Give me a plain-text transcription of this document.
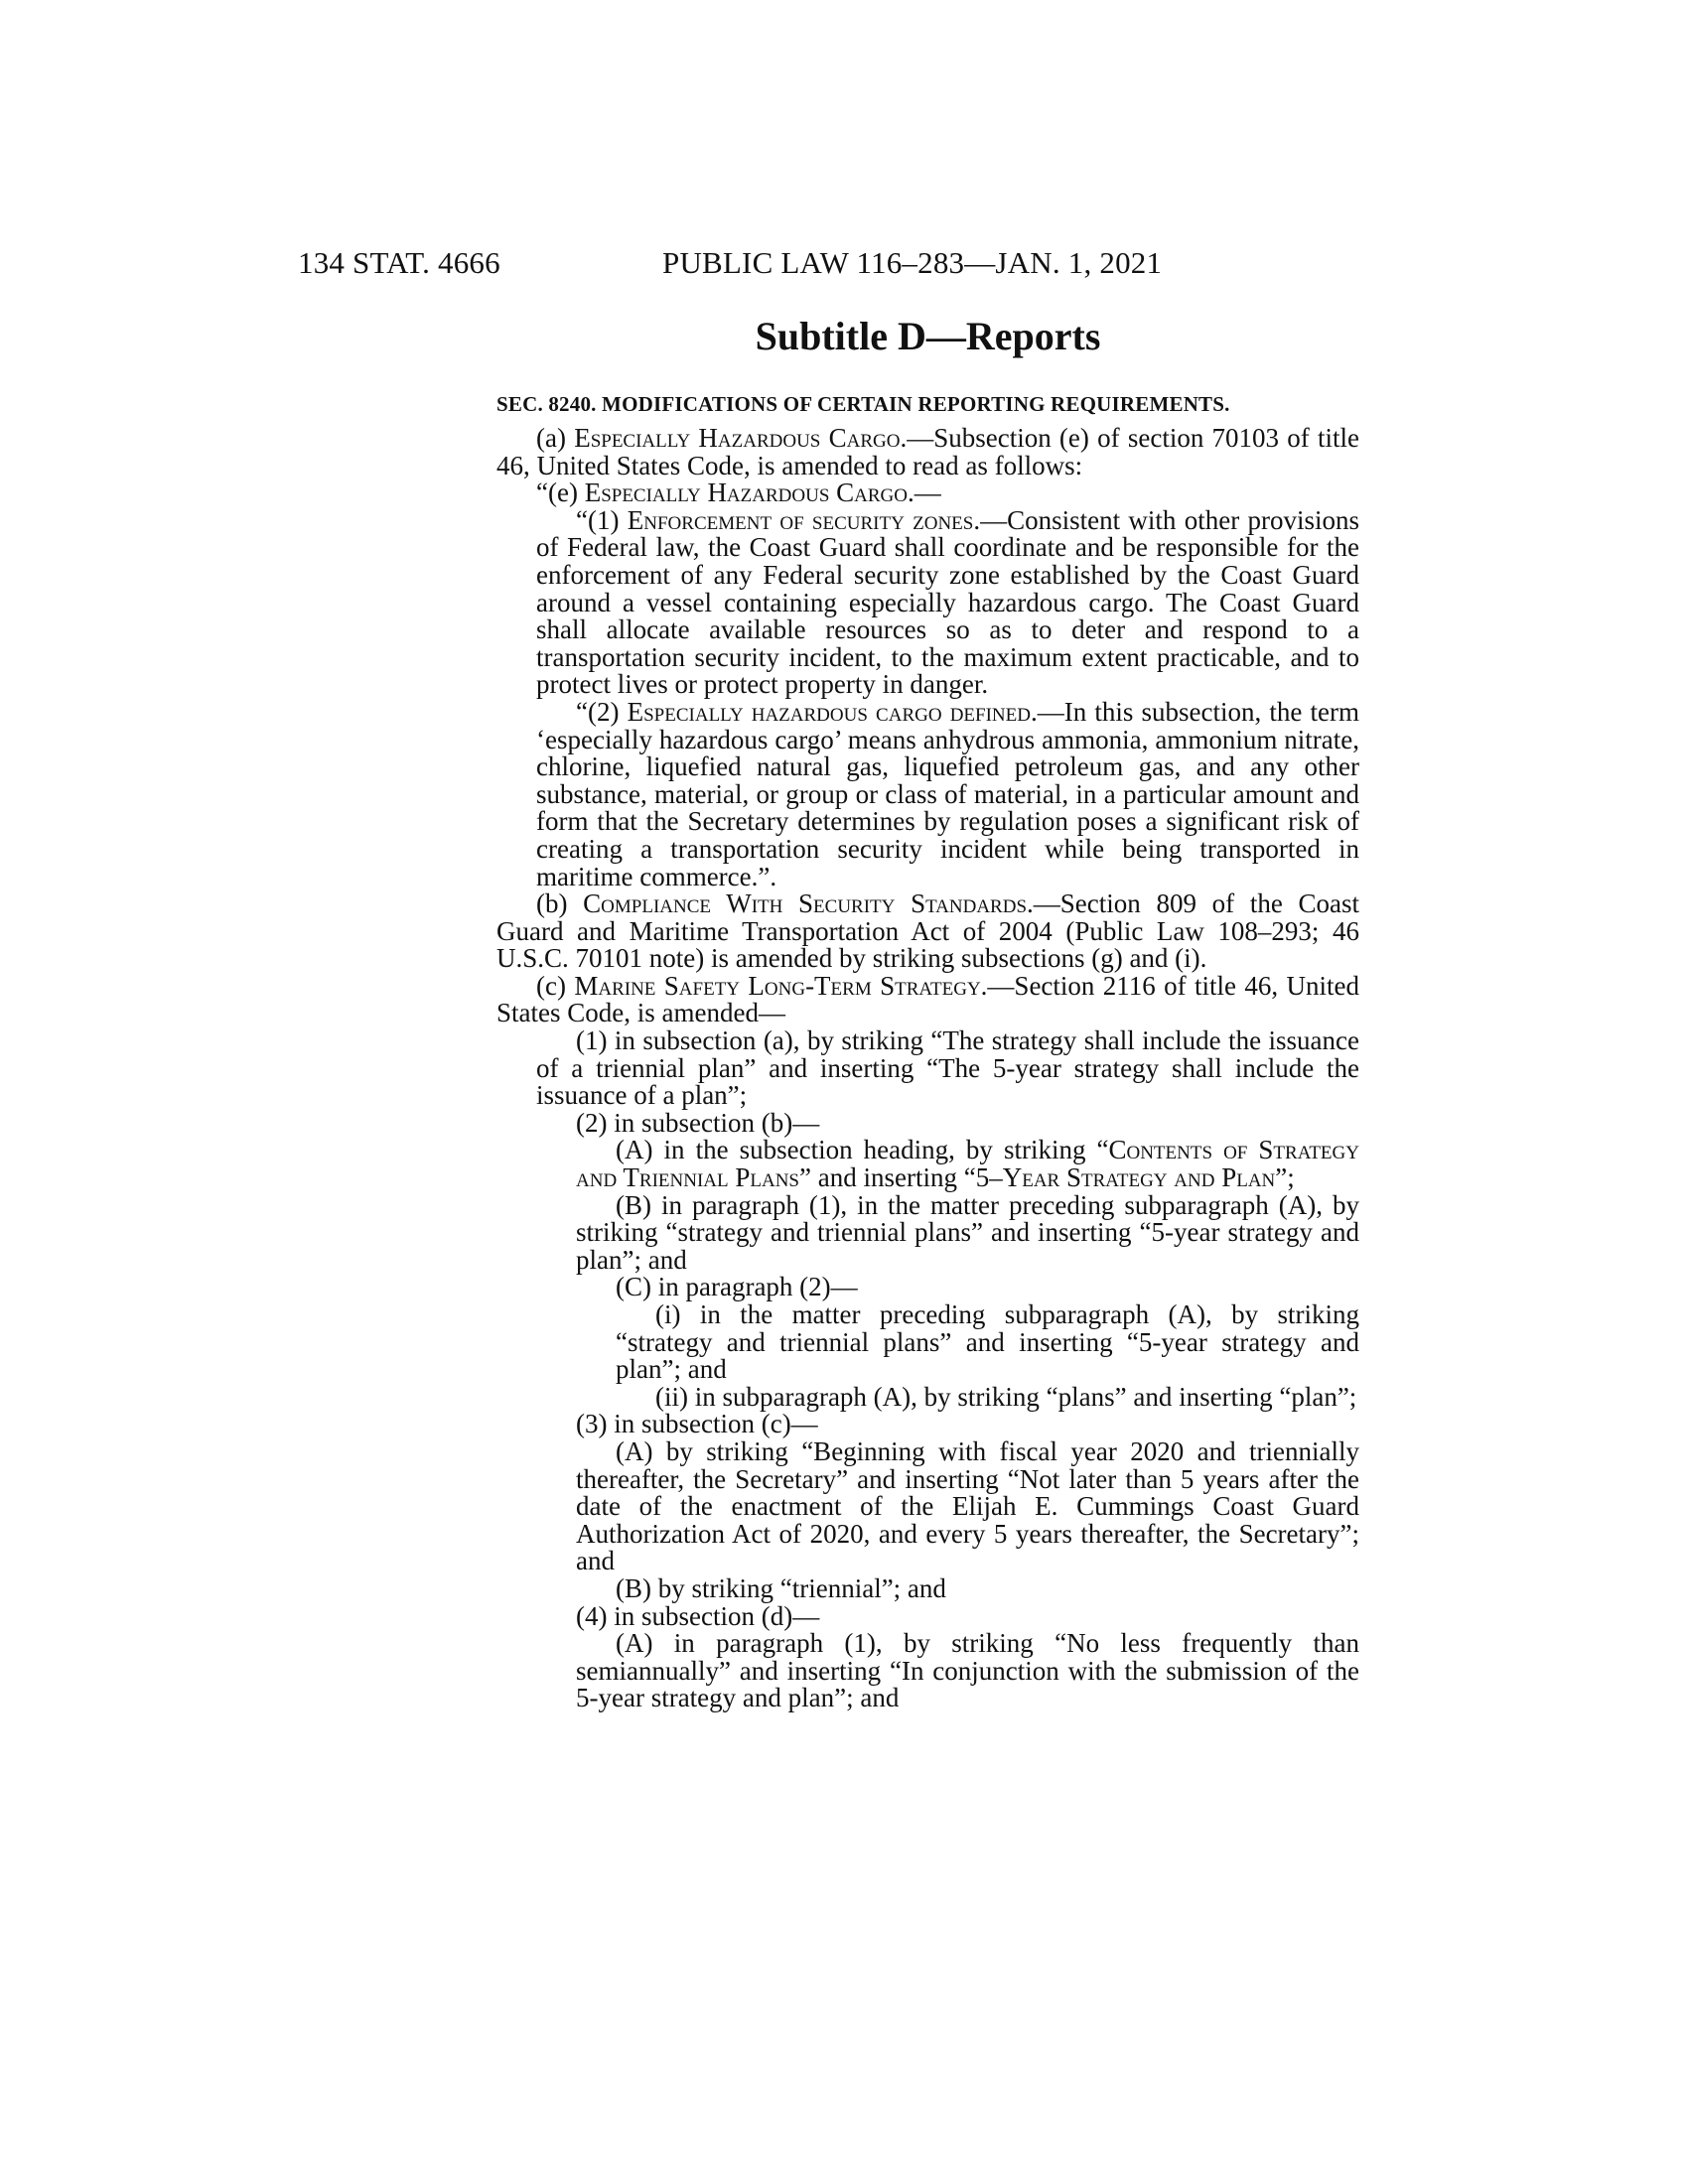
134 STAT. 4666	PUBLIC LAW 116–283—JAN. 1, 2021
Subtitle D—Reports
SEC. 8240. MODIFICATIONS OF CERTAIN REPORTING REQUIREMENTS.

(a) Especially Hazardous Cargo.—Subsection (e) of section 70103 of title 46, United States Code, is amended to read as follows:

“(e) Especially Hazardous Cargo.—

“(1) Enforcement of security zones.—Consistent with other provisions of Federal law, the Coast Guard shall coordinate and be responsible for the enforcement of any Federal security zone established by the Coast Guard around a vessel containing especially hazardous cargo. The Coast Guard shall allocate available resources so as to deter and respond to a transportation security incident, to the maximum extent practicable, and to protect lives or protect property in danger.

“(2) Especially hazardous cargo defined.—In this subsection, the term ‘especially hazardous cargo’ means anhydrous ammonia, ammonium nitrate, chlorine, liquefied natural gas, liquefied petroleum gas, and any other substance, material, or group or class of material, in a particular amount and form that the Secretary determines by regulation poses a significant risk of creating a transportation security incident while being transported in maritime commerce.”.

(b) Compliance With Security Standards.—Section 809 of the Coast Guard and Maritime Transportation Act of 2004 (Public Law 108–293; 46 U.S.C. 70101 note) is amended by striking subsections (g) and (i).

(c) Marine Safety Long-Term Strategy.—Section 2116 of title 46, United States Code, is amended—

(1) in subsection (a), by striking “The strategy shall include the issuance of a triennial plan” and inserting “The 5-year strategy shall include the issuance of a plan”;

(2) in subsection (b)—

(A) in the subsection heading, by striking “Contents of Strategy and Triennial Plans” and inserting “5–Year Strategy and Plan”;

(B) in paragraph (1), in the matter preceding subparagraph (A), by striking “strategy and triennial plans” and inserting “5-year strategy and plan”; and

(C) in paragraph (2)—

(i) in the matter preceding subparagraph (A), by striking “strategy and triennial plans” and inserting “5-year strategy and plan”; and

(ii) in subparagraph (A), by striking “plans” and inserting “plan”;

(3) in subsection (c)—

(A) by striking “Beginning with fiscal year 2020 and triennially thereafter, the Secretary” and inserting “Not later than 5 years after the date of the enactment of the Elijah E. Cummings Coast Guard Authorization Act of 2020, and every 5 years thereafter, the Secretary”; and

(B) by striking “triennial”; and

(4) in subsection (d)—

(A) in paragraph (1), by striking “No less frequently than semiannually” and inserting “In conjunction with the submission of the 5-year strategy and plan”; and
